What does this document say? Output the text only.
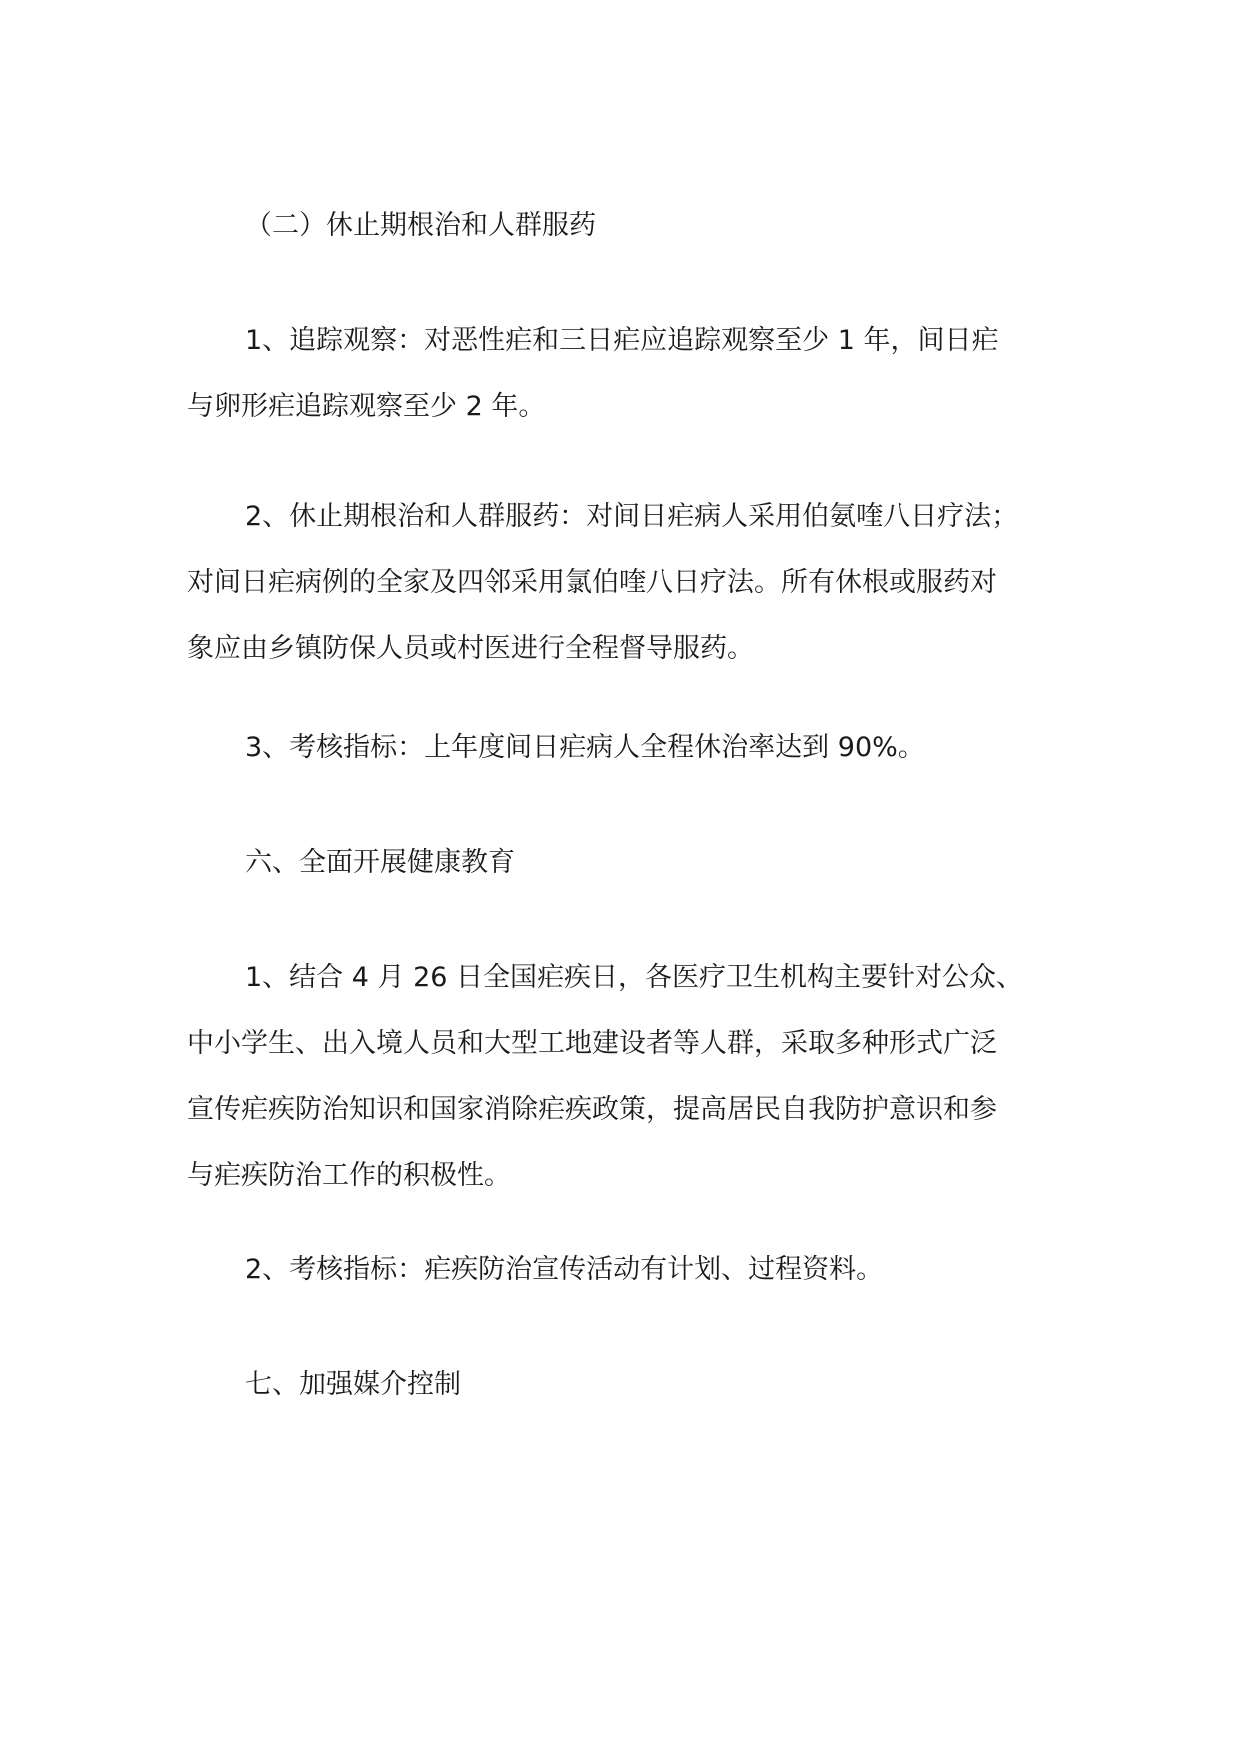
（二）休止期根治和人群服药

1、追踪观察：对恶性疟和三日疟应追踪观察至少 1 年，间日疟
与卵形疟追踪观察至少 2 年。

2、休止期根治和人群服药：对间日疟病人采用伯氨喹八日疗法；
对间日疟病例的全家及四邻采用氯伯喹八日疗法。所有休根或服药对
象应由乡镇防保人员或村医进行全程督导服药。

3、考核指标：上年度间日疟病人全程休治率达到 90%。

六、全面开展健康教育

1、结合 4 月 26 日全国疟疾日，各医疗卫生机构主要针对公众、
中小学生、出入境人员和大型工地建设者等人群，采取多种形式广泛
宣传疟疾防治知识和国家消除疟疾政策，提高居民自我防护意识和参
与疟疾防治工作的积极性。

2、考核指标：疟疾防治宣传活动有计划、过程资料。

七、加强媒介控制
